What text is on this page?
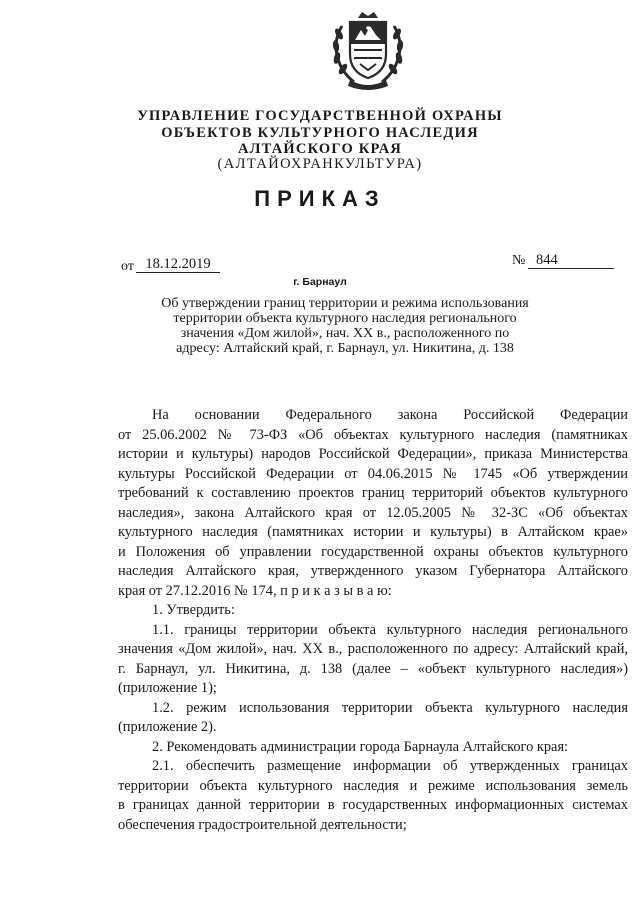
УПРАВЛЕНИЕ ГОСУДАРСТВЕННОЙ ОХРАНЫ
ОБЪЕКТОВ КУЛЬТУРНОГО НАСЛЕДИЯ
АЛТАЙСКОГО КРАЯ
(АЛТАЙОХРАНКУЛЬТУРА)
ПРИКАЗ
от 18.12.2019	№ 844
г. Барнаул
Об утверждении границ территории и режима использования
территории объекта культурного наследия регионального
значения «Дом жилой», нач. XX в., расположенного по
адресу: Алтайский край, г. Барнаул, ул. Никитина, д. 138
На основании Федерального закона Российской Федерации
от 25.06.2002 № 73-ФЗ «Об объектах культурного наследия (памятниках
истории и культуры) народов Российской Федерации», приказа Министерства
культуры Российской Федерации от 04.06.2015 № 1745 «Об утверждении
требований к составлению проектов границ территорий объектов культурного
наследия», закона Алтайского края от 12.05.2005 № 32-ЗС «Об объектах
культурного наследия (памятниках истории и культуры) в Алтайском крае»
и Положения об управлении государственной охраны объектов культурного
наследия Алтайского края, утвержденного указом Губернатора Алтайского
края от 27.12.2016 № 174, п р и к а з ы в а ю:
1. Утвердить:
1.1. границы территории объекта культурного наследия регионального
значения «Дом жилой», нач. XX в., расположенного по адресу: Алтайский край,
г. Барнаул, ул. Никитина, д. 138 (далее – «объект культурного наследия»)
(приложение 1);
1.2. режим использования территории объекта культурного наследия
(приложение 2).
2. Рекомендовать администрации города Барнаула Алтайского края:
2.1. обеспечить размещение информации об утвержденных границах
территории объекта культурного наследия и режиме использования земель
в границах данной территории в государственных информационных системах
обеспечения градостроительной деятельности;
